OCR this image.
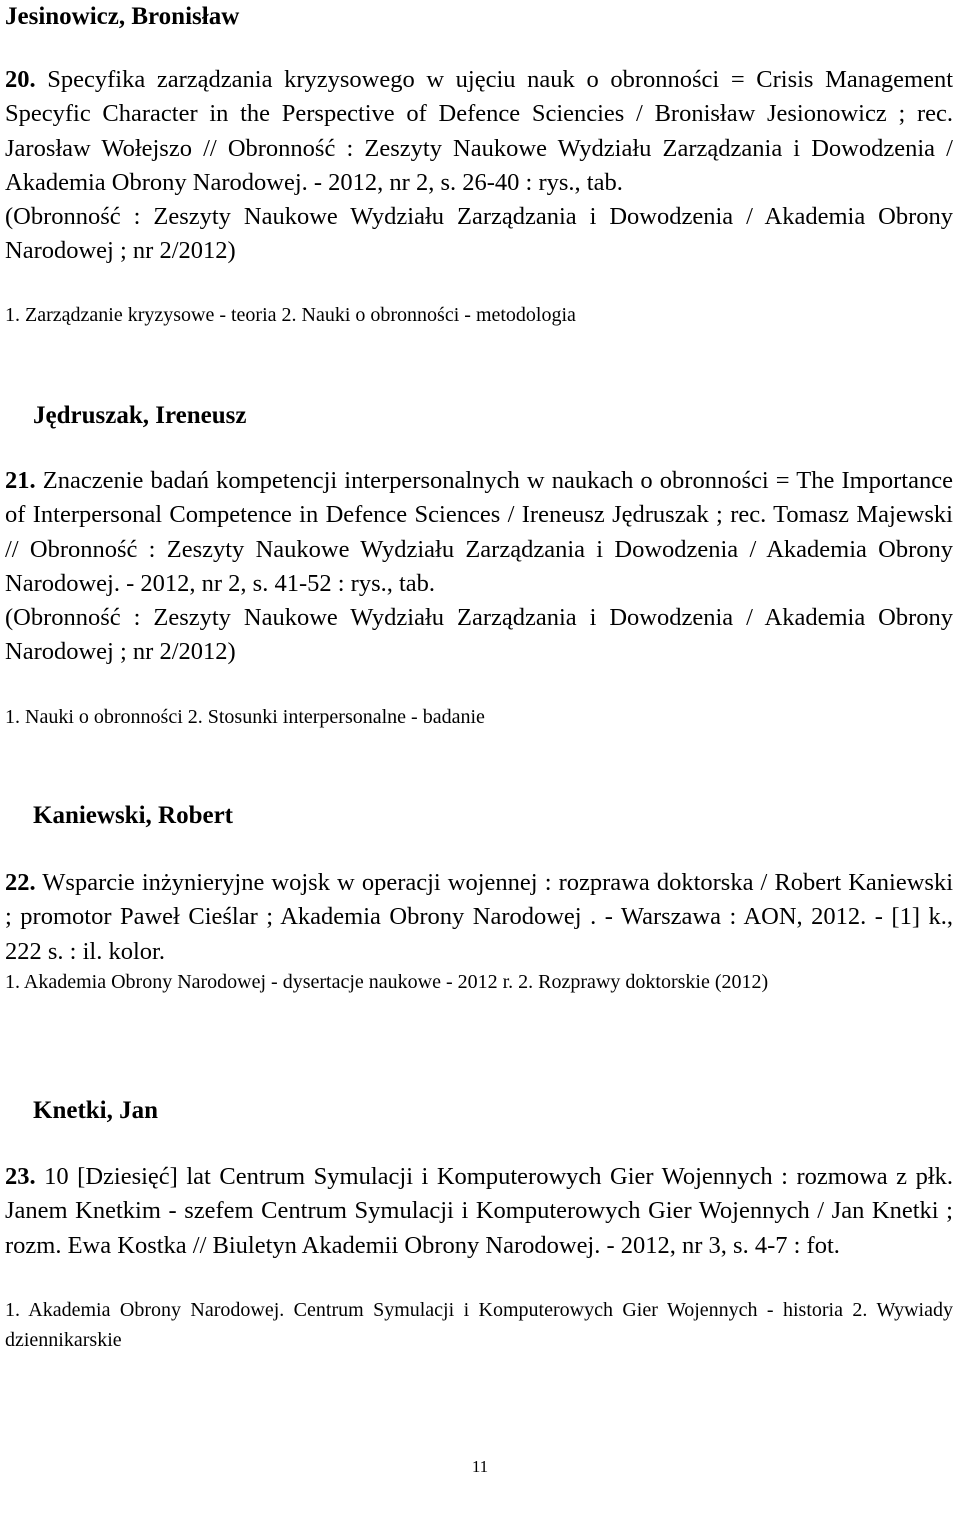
Jesinowicz, Bronisław

20. Specyfika zarządzania kryzysowego w ujęciu nauk o obronności = Crisis Management Specyfic Character in the Perspective of Defence Sciencies / Bronisław Jesionowicz ; rec. Jarosław Wołejszo // Obronność : Zeszyty Naukowe Wydziału Zarządzania i Dowodzenia / Akademia Obrony Narodowej. - 2012, nr 2, s. 26-40 : rys., tab.
(Obronność : Zeszyty Naukowe Wydziału Zarządzania i Dowodzenia / Akademia Obrony Narodowej ; nr 2/2012)

1. Zarządzanie kryzysowe - teoria 2. Nauki o obronności - metodologia

Jędruszak, Ireneusz

21. Znaczenie badań kompetencji interpersonalnych w naukach o obronności = The Importance of Interpersonal Competence in Defence Sciences / Ireneusz Jędruszak ; rec. Tomasz Majewski // Obronność : Zeszyty Naukowe Wydziału Zarządzania i Dowodzenia / Akademia Obrony Narodowej. - 2012, nr 2, s. 41-52 : rys., tab.
(Obronność : Zeszyty Naukowe Wydziału Zarządzania i Dowodzenia / Akademia Obrony Narodowej ; nr 2/2012)

1. Nauki o obronności 2. Stosunki interpersonalne - badanie

Kaniewski, Robert

22. Wsparcie inżynieryjne wojsk w operacji wojennej : rozprawa doktorska / Robert Kaniewski ; promotor Paweł Cieślar ; Akademia Obrony Narodowej . - Warszawa : AON, 2012. - [1] k., 222 s. : il. kolor.

1. Akademia Obrony Narodowej - dysertacje naukowe - 2012 r. 2. Rozprawy doktorskie (2012)

Knetki, Jan

23. 10 [Dziesięć] lat Centrum Symulacji i Komputerowych Gier Wojennych : rozmowa z płk. Janem Knetkim - szefem Centrum Symulacji i Komputerowych Gier Wojennych / Jan Knetki ; rozm. Ewa Kostka // Biuletyn Akademii Obrony Narodowej. - 2012, nr 3, s. 4-7 : fot.

1. Akademia Obrony Narodowej. Centrum Symulacji i Komputerowych Gier Wojennych - historia 2. Wywiady dziennikarskie

11
